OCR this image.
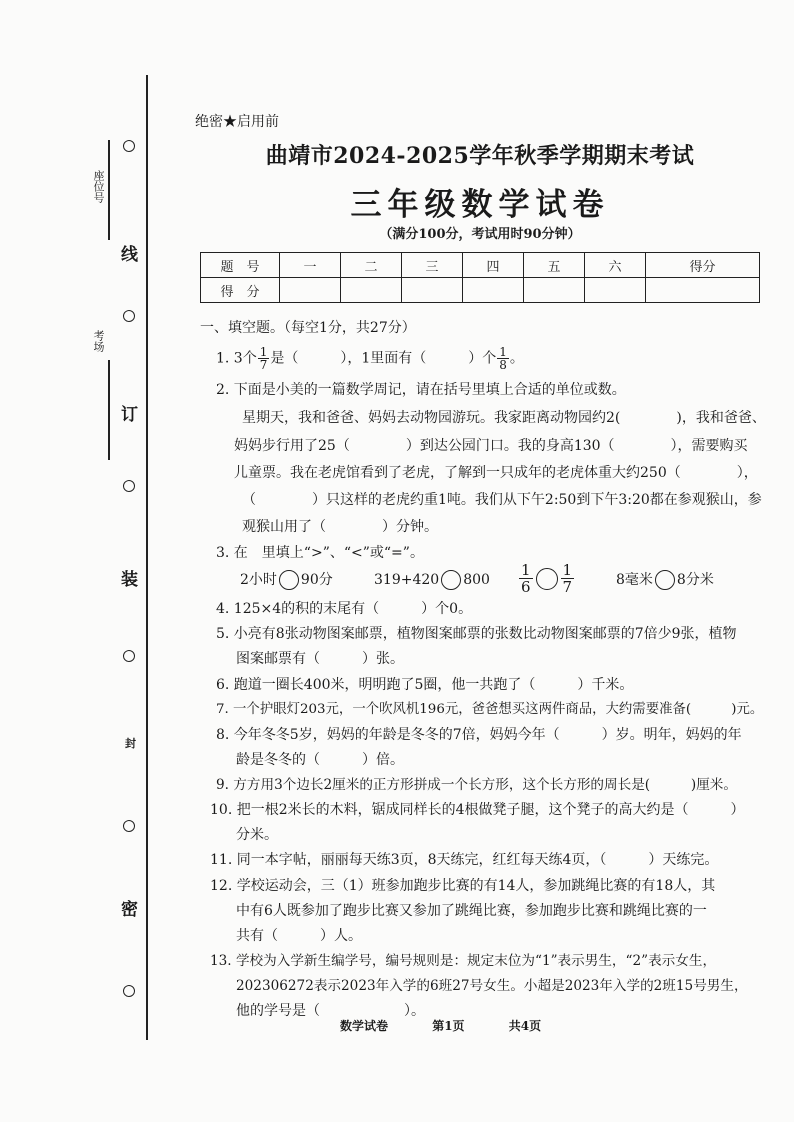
线
订
装
封
密
座位号
考场
绝密★启用前
曲靖市2024-2025学年秋季学期期末考试
三年级数学试卷
（满分100分，考试用时90分钟）
题　号	一	二	三	四	五	六	得分
得　分							
一、填空题。（每空1分，共27分）
1. 3个 $\frac{1}{7}$ 是（　　　），1里面有（　　　）个 $\frac{1}{8}$ 。
2. 下面是小美的一篇数学周记，请在括号里填上合适的单位或数。
星期天，我和爸爸、妈妈去动物园游玩。我家距离动物园约2(　　　　)，我和爸爸、
妈妈步行用了25（　　　　）到达公园门口。我的身高130（　　　　），需要购买
儿童票。我在老虎馆看到了老虎，了解到一只成年的老虎体重大约250（　　　　），
（　　　　）只这样的老虎约重1吨。我们从下午2:50到下午3:20都在参观猴山，参
观猴山用了（　　　　）分钟。
3. 在　里填上“>”、“<”或“=”。
2小时 90分	319+420 $800 \frac{1}{6} \frac{1}{7}$	8毫米 8分米
4. 125×4的积的末尾有（　　　）个0。
5. 小亮有8张动物图案邮票，植物图案邮票的张数比动物图案邮票的7倍少9张，植物
图案邮票有（　　　）张。
6. 跑道一圈长400米，明明跑了5圈，他一共跑了（　　　）千米。
7. 一个护眼灯203元，一个吹风机196元，爸爸想买这两件商品，大约需要准备(　　　)元。
8. 今年冬冬5岁，妈妈的年龄是冬冬的7倍，妈妈今年（　　　）岁。明年，妈妈的年
龄是冬冬的（　　　）倍。
9. 方方用3个边长2厘米的正方形拼成一个长方形，这个长方形的周长是(　　　)厘米。
10. 把一根2米长的木料，锯成同样长的4根做凳子腿，这个凳子的高大约是（　　　）
分米。
11. 同一本字帖，丽丽每天练3页，8天练完，红红每天练4页，（　　　）天练完。
12. 学校运动会，三（1）班参加跑步比赛的有14人，参加跳绳比赛的有18人，其
中有6人既参加了跑步比赛又参加了跳绳比赛，参加跑步比赛和跳绳比赛的一
共有（　　　）人。
13. 学校为入学新生编学号，编号规则是：规定末位为“1”表示男生，“2”表示女生，
202306272表示2023年入学的6班27号女生。小超是2023年入学的2班15号男生，
他的学号是（　　　　　　）。
数学试卷	第1页	共4页
